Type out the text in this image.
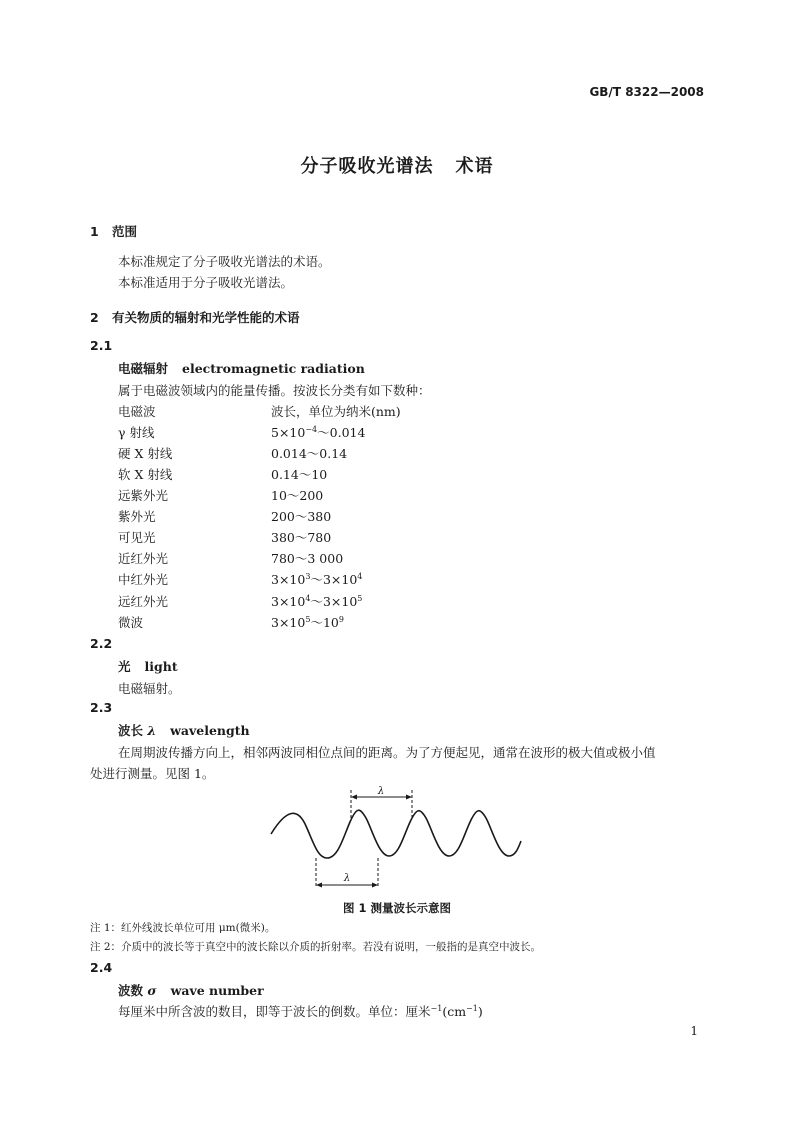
GB/T 8322—2008
分子吸收光谱法 术语
1 范围
本标准规定了分子吸收光谱法的术语。
本标准适用于分子吸收光谱法。
2 有关物质的辐射和光学性能的术语
2.1
电磁辐射 electromagnetic radiation
属于电磁波领域内的能量传播。按波长分类有如下数种：
电磁波	波长，单位为纳米(nm)
γ 射线	$5\times 10^{-4}\sim 0.014$
硬 X 射线	0.014～0.14
软 X 射线	0.14～10
远紫外光	10～200
紫外光	200～380
可见光	380～780
近红外光	780～3 000
中红外光	$3\times 10^3\sim 3\times 10^4$
远红外光	$3\times 10^4\sim 3\times 10^5$
微波	$3\times 10^5\sim 10^9$
2.2
光 light
电磁辐射。
2.3
波长 λ wavelength
在周期波传播方向上，相邻两波同相位点间的距离。为了方便起见，通常在波形的极大值或极小值
处进行测量。见图 1。
λ
λ
图 1 测量波长示意图
注 1：红外线波长单位可用 μm(微米)。
注 2：介质中的波长等于真空中的波长除以介质的折射率。若没有说明，一般指的是真空中波长。
2.4
波数 σ wave number
每厘米中所含波的数目，即等于波长的倒数。单位：厘米$^{-1}(cm^{-1})$
1
